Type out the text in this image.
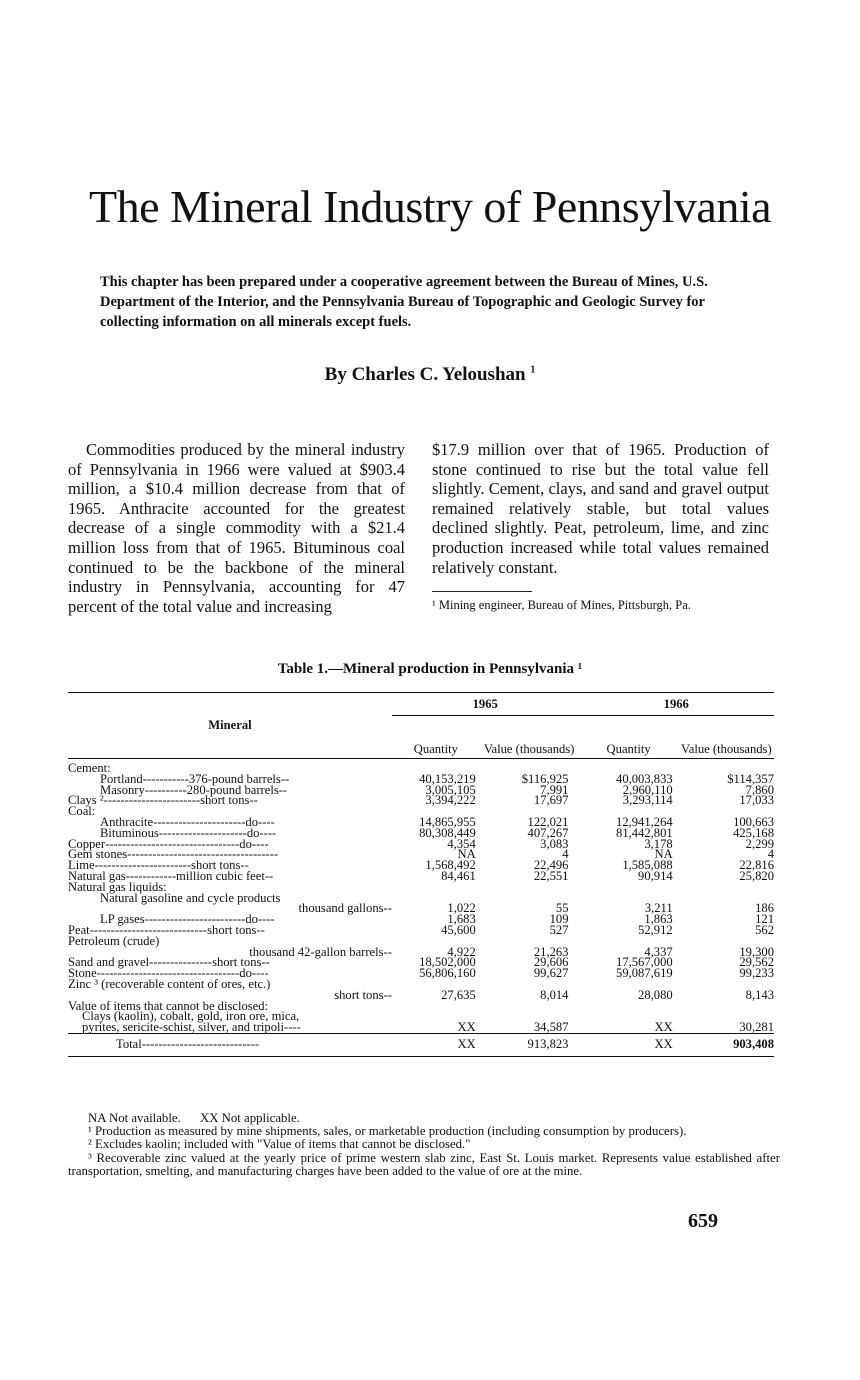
The Mineral Industry of Pennsylvania
This chapter has been prepared under a cooperative agreement between the Bureau of Mines, U.S. Department of the Interior, and the Pennsylvania Bureau of Topographic and Geologic Survey for collecting information on all minerals except fuels.
By Charles C. Yeloushan $^1$

Commodities produced by the mineral industry of Pennsylvania in 1966 were valued at $903.4 million, a $10.4 million decrease from that of 1965. Anthracite accounted for the greatest decrease of a single commodity with a $21.4 million loss from that of 1965. Bituminous coal continued to be the backbone of the mineral industry in Pennsylvania, accounting for 47 percent of the total value and increasing

$17.9 million over that of 1965. Production of stone continued to rise but the total value fell slightly. Cement, clays, and sand and gravel output remained relatively stable, but total values declined slightly. Peat, petroleum, lime, and zinc production increased while total values remained relatively constant.

¹ Mining engineer, Bureau of Mines, Pittsburgh, Pa.
Table 1.—Mineral production in Pennsylvania ¹
Mineral	1965		1966	
	Quantity	Value (thousands)	Quantity	Value (thousands)
Cement:				
Portland-----------376-pound barrels--	40,153,219	$116,925	40,003,833	$114,357
Masonry----------280-pound barrels--	3,005,105	7,991	2,960,110	7,860
Clays ²-----------------------short tons--	3,394,222	17,697	3,293,114	17,033
Coal:				
Anthracite----------------------do----	14,865,955	122,021	12,941,264	100,663
Bituminous---------------------do----	80,308,449	407,267	81,442,801	425,168
Copper--------------------------------do----	4,354	3,083	3,178	2,299
Gem stones------------------------------------	NA	4	NA	4
Lime-----------------------short tons--	1,568,492	22,496	1,585,088	22,816
Natural gas------------million cubic feet--	84,461	22,551	90,914	25,820
Natural gas liquids:				
Natural gasoline and cycle products				
thousand gallons--	1,022	55	3,211	186
LP gases------------------------do----	1,683	109	1,863	121
Peat----------------------------short tons--	45,600	527	52,912	562
Petroleum (crude)				
thousand 42-gallon barrels--	4,922	21,263	4,337	19,300
Sand and gravel---------------short tons--	18,502,000	29,606	17,567,000	29,562
Stone----------------------------------do----	56,806,160	99,627	59,087,619	99,233
Zinc ³ (recoverable content of ores, etc.)				
short tons--	27,635	8,014	28,080	8,143
Value of items that cannot be disclosed:				
Clays (kaolin), cobalt, gold, iron ore, mica,				
pyrites, sericite-schist, silver, and tripoli----	XX	34,587	XX	30,281
Total----------------------------	XX	913,823	XX	903,408
NA Not available. XX Not applicable.
¹ Production as measured by mine shipments, sales, or marketable production (including consumption by producers).
² Excludes kaolin; included with "Value of items that cannot be disclosed."
³ Recoverable zinc valued at the yearly price of prime western slab zinc, East St. Louis market. Represents value established after transportation, smelting, and manufacturing charges have been added to the value of ore at the mine.
659
